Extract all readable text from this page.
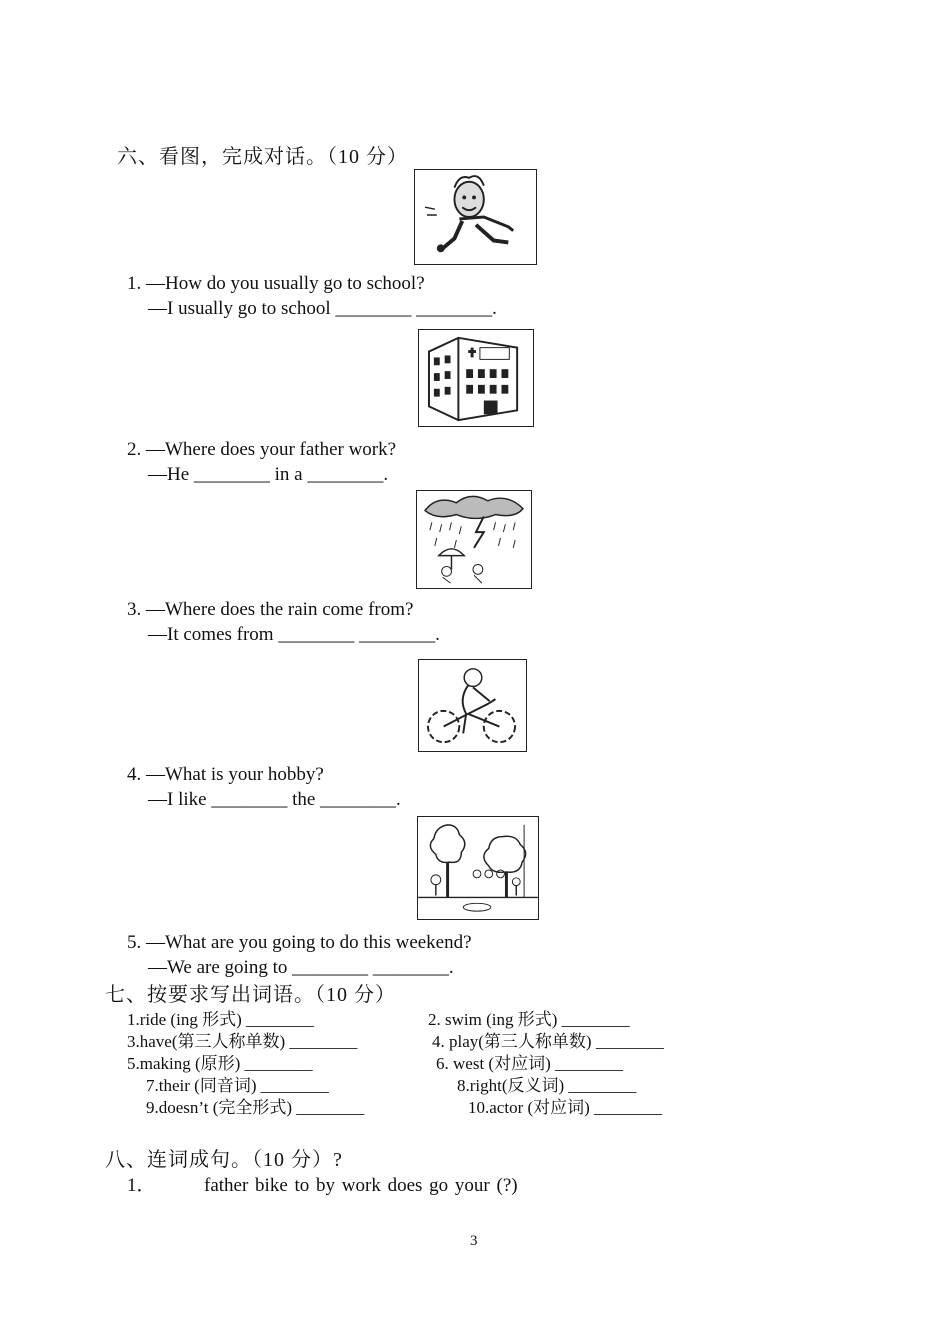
六、看图，完成对话。（10 分）
1. —How do you usually go to school?
—I usually go to school ________ ________.
2. —Where does your father work?
—He ________ in a ________.
3. —Where does the rain come from?
—It comes from ________ ________.
4. —What is your hobby?
—I like ________ the ________.
5. —What are you going to do this weekend?
—We are going to ________ ________.
七、按要求写出词语。（10 分）
1.ride (ing 形式) ________	2. swim (ing 形式) ________
3.have(第三人称单数) ________	4. play(第三人称单数) ________
5.making (原形) ________	6. west (对应词) ________
7.their (同音词) ________	8.right(反义词) ________
9.doesn’t (完全形式) ________	10.actor (对应词) ________
八、连词成句。（10 分）?
1．	father bike to by work does go your (?)
3
